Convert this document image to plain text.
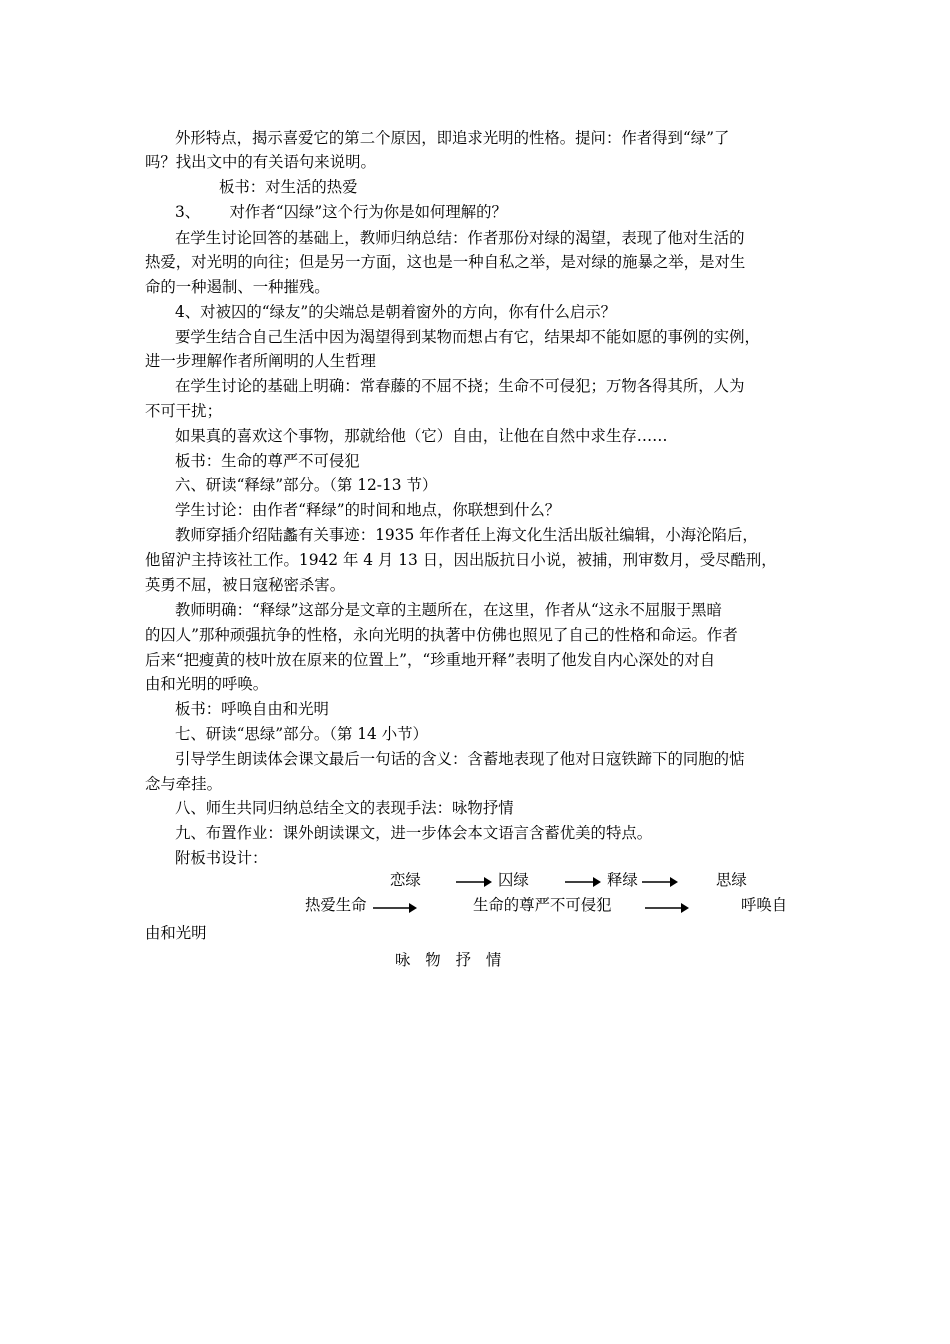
外形特点，揭示喜爱它的第二个原因，即追求光明的性格。提问：作者得到“绿”了
吗？找出文中的有关语句来说明。
板书：对生活的热爱
3、      对作者“囚绿”这个行为你是如何理解的？
在学生讨论回答的基础上，教师归纳总结：作者那份对绿的渴望，表现了他对生活的
热爱，对光明的向往；但是另一方面，这也是一种自私之举，是对绿的施暴之举，是对生
命的一种遏制、一种摧残。
4、对被囚的“绿友”的尖端总是朝着窗外的方向，你有什么启示？
要学生结合自己生活中因为渴望得到某物而想占有它，结果却不能如愿的事例的实例，
进一步理解作者所阐明的人生哲理
在学生讨论的基础上明确：常春藤的不屈不挠；生命不可侵犯；万物各得其所，人为
不可干扰；
如果真的喜欢这个事物，那就给他（它）自由，让他在自然中求生存……
板书：生命的尊严不可侵犯
六、研读“释绿”部分。（第 12-13 节）
学生讨论：由作者“释绿”的时间和地点，你联想到什么？
教师穿插介绍陆蠡有关事迹：1935 年作者任上海文化生活出版社编辑，小海沦陷后，
他留沪主持该社工作。1942 年 4 月 13 日，因出版抗日小说，被捕，刑审数月，受尽酷刑，
英勇不屈，被日寇秘密杀害。
教师明确：“释绿”这部分是文章的主题所在，在这里，作者从“这永不屈服于黑暗
的囚人”那种顽强抗争的性格，永向光明的执著中仿佛也照见了自己的性格和命运。作者
后来“把瘦黄的枝叶放在原来的位置上”，“珍重地开释”表明了他发自内心深处的对自
由和光明的呼唤。
板书：呼唤自由和光明
七、研读“思绿”部分。（第 14 小节）
引导学生朗读体会课文最后一句话的含义：含蓄地表现了他对日寇铁蹄下的同胞的惦
念与牵挂。
八、师生共同归纳总结全文的表现手法：咏物抒情
九、布置作业：课外朗读课文，进一步体会本文语言含蓄优美的特点。
附板书设计：
恋绿	囚绿	释绿	思绿
热爱生命	生命的尊严不可侵犯	呼唤自
由和光明
咏 物 抒 情
